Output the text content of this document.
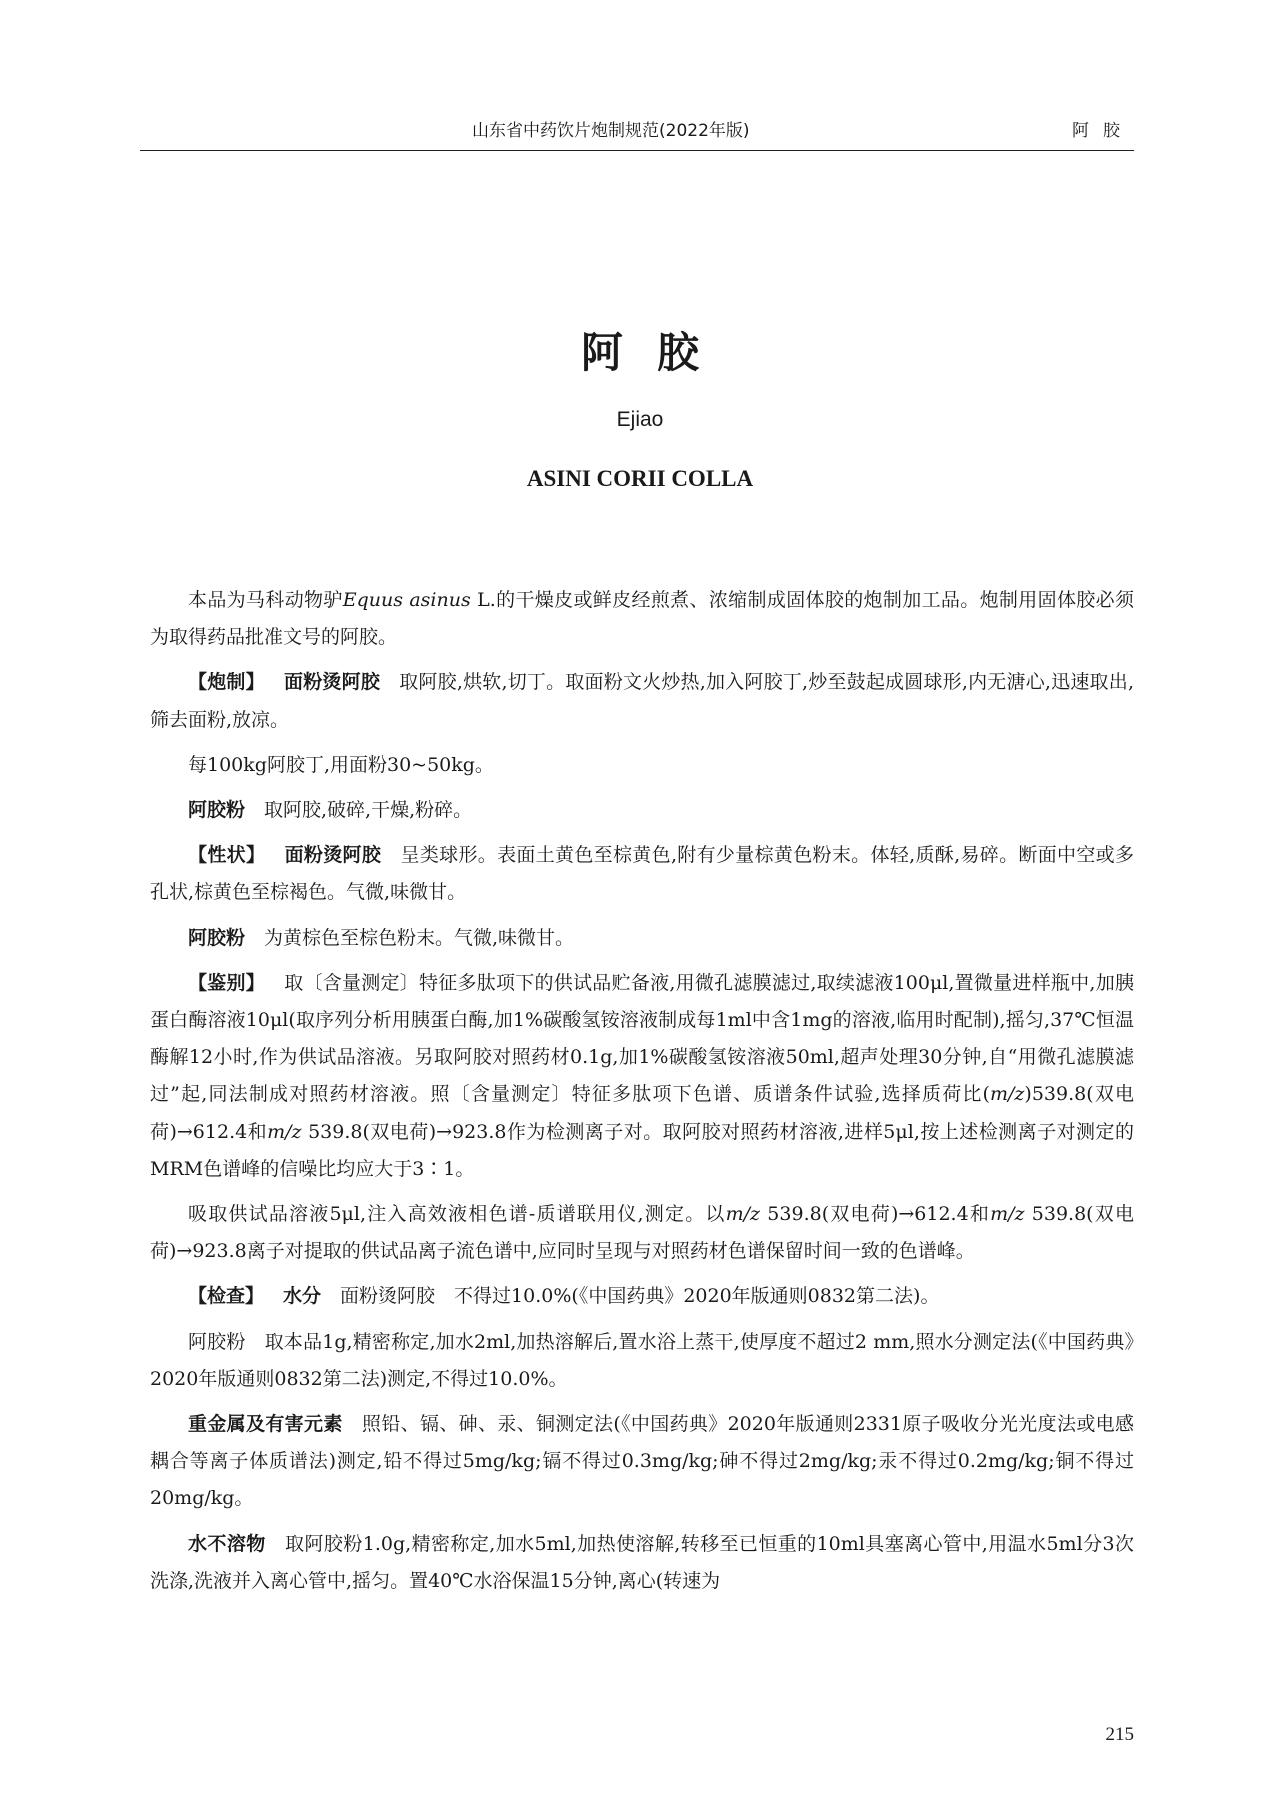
山东省中药饮片炮制规范(2022年版)	阿胶
阿胶
Ejiao
ASINI CORII COLLA

本品为马科动物驴Equus asinus L.的干燥皮或鲜皮经煎煮、浓缩制成固体胶的炮制加工品。炮制用固体胶必须为取得药品批准文号的阿胶。

【炮制】 面粉烫阿胶 取阿胶,烘软,切丁。取面粉文火炒热,加入阿胶丁,炒至鼓起成圆球形,内无溏心,迅速取出,筛去面粉,放凉。

每100kg阿胶丁,用面粉30~50kg。

阿胶粉 取阿胶,破碎,干燥,粉碎。

【性状】 面粉烫阿胶 呈类球形。表面土黄色至棕黄色,附有少量棕黄色粉末。体轻,质酥,易碎。断面中空或多孔状,棕黄色至棕褐色。气微,味微甘。

阿胶粉 为黄棕色至棕色粉末。气微,味微甘。

【鉴别】 取〔含量测定〕特征多肽项下的供试品贮备液,用微孔滤膜滤过,取续滤液100μl,置微量进样瓶中,加胰蛋白酶溶液10μl(取序列分析用胰蛋白酶,加1%碳酸氢铵溶液制成每1ml中含1mg的溶液,临用时配制),摇匀,37℃恒温酶解12小时,作为供试品溶液。另取阿胶对照药材0.1g,加1%碳酸氢铵溶液50ml,超声处理30分钟,自“用微孔滤膜滤过”起,同法制成对照药材溶液。照〔含量测定〕特征多肽项下色谱、质谱条件试验,选择质荷比(m/z)539.8(双电荷)→612.4和m/z 539.8(双电荷)→923.8作为检测离子对。取阿胶对照药材溶液,进样5μl,按上述检测离子对测定的MRM色谱峰的信噪比均应大于3∶1。

吸取供试品溶液5μl,注入高效液相色谱-质谱联用仪,测定。以m/z 539.8(双电荷)→612.4和m/z 539.8(双电荷)→923.8离子对提取的供试品离子流色谱中,应同时呈现与对照药材色谱保留时间一致的色谱峰。

【检查】 水分 面粉烫阿胶 不得过10.0%(《中国药典》2020年版通则0832第二法)。

阿胶粉 取本品1g,精密称定,加水2ml,加热溶解后,置水浴上蒸干,使厚度不超过2 mm,照水分测定法(《中国药典》2020年版通则0832第二法)测定,不得过10.0%。

重金属及有害元素 照铅、镉、砷、汞、铜测定法(《中国药典》2020年版通则2331原子吸收分光光度法或电感耦合等离子体质谱法)测定,铅不得过5mg/kg;镉不得过0.3mg/kg;砷不得过2mg/kg;汞不得过0.2mg/kg;铜不得过20mg/kg。

水不溶物 取阿胶粉1.0g,精密称定,加水5ml,加热使溶解,转移至已恒重的10ml具塞离心管中,用温水5ml分3次洗涤,洗液并入离心管中,摇匀。置40℃水浴保温15分钟,离心(转速为

215
